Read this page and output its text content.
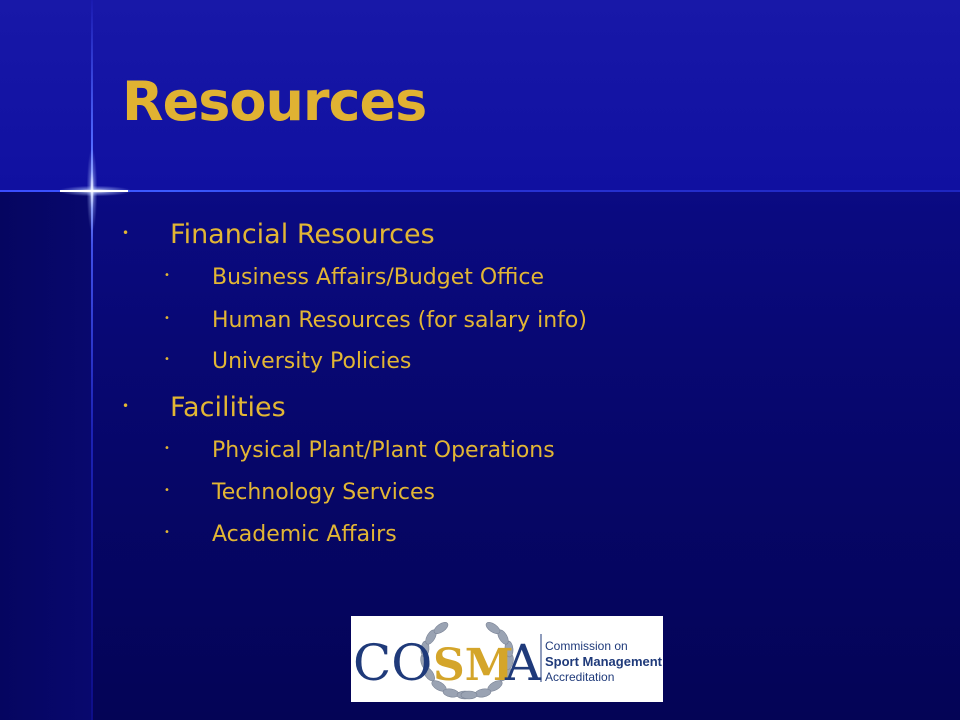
Resources
• Financial Resources
• Business Affairs/Budget Office
• Human Resources (for salary info)
• University Policies
• Facilities
• Physical Plant/Plant Operations
• Technology Services
• Academic Affairs
CO SM
A Commission on
Sport Management
Accreditation
